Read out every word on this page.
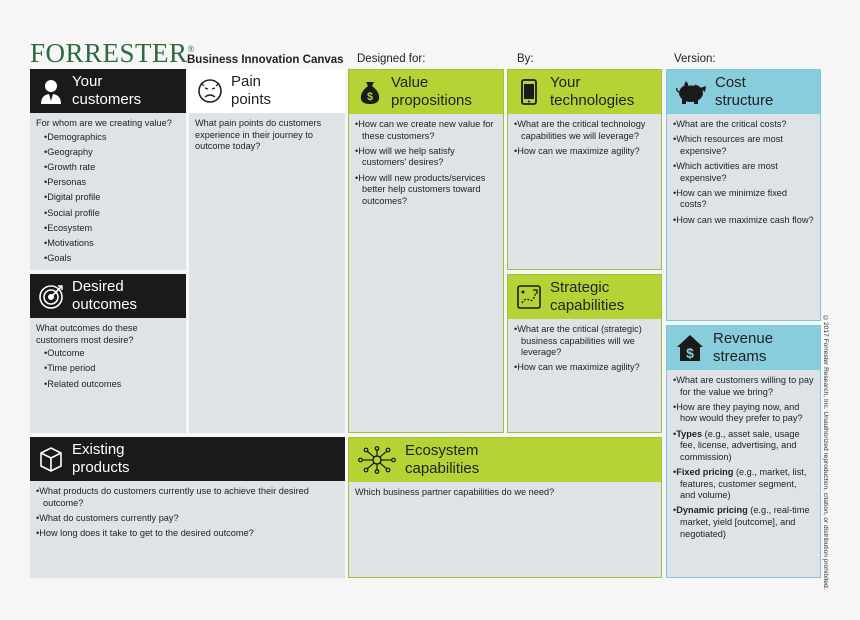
FORRESTER®
Business Innovation Canvas Designed for:	By:	Version:
Your
customers

For whom are we creating value?

• Demographics
• Geography
• Growth rate
• Personas
• Digital profile
• Social profile
• Ecosystem
• Motivations
• Goals
Pain
points

What pain points do customers experience in their journey to outcome today?

Desired
outcomes

What outcomes do these customers most desire?

• Outcome
• Time period
• Related outcomes
Existing
products
• What products do customers currently use to achieve their desired outcome?
• What do customers currently pay?
• How long does it take to get to the desired outcome?
$
Value
propositions
• How can we create new value for these customers?
• How will we help satisfy customers' desires?
• How will new products/services better help customers toward outcomes?
Your
technologies
• What are the critical technology capabilities we will leverage?
• How can we maximize agility?
Strategic
capabilities
• What are the critical (strategic) business capabilities will we leverage?
• How can we maximize agility?
Ecosystem
capabilities

Which business partner capabilities do we need?

Cost
structure
• What are the critical costs?
• Which resources are most expensive?
• Which activities are most expensive?
• How can we minimize fixed costs?
• How can we maximize cash flow?
$
Revenue
streams
• What are customers willing to pay for the value we bring?
• How are they paying now, and how would they prefer to pay?
• Types (e.g., asset sale, usage fee, license, advertising, and commission)
• Fixed pricing (e.g., market, list, features, customer segment, and volume)
• Dynamic pricing (e.g., real-time market, yield [outcome], and negotiated)	©2017 Forrester Research, Inc. Unauthorized reproduction, citation, or distribution prohibited.
